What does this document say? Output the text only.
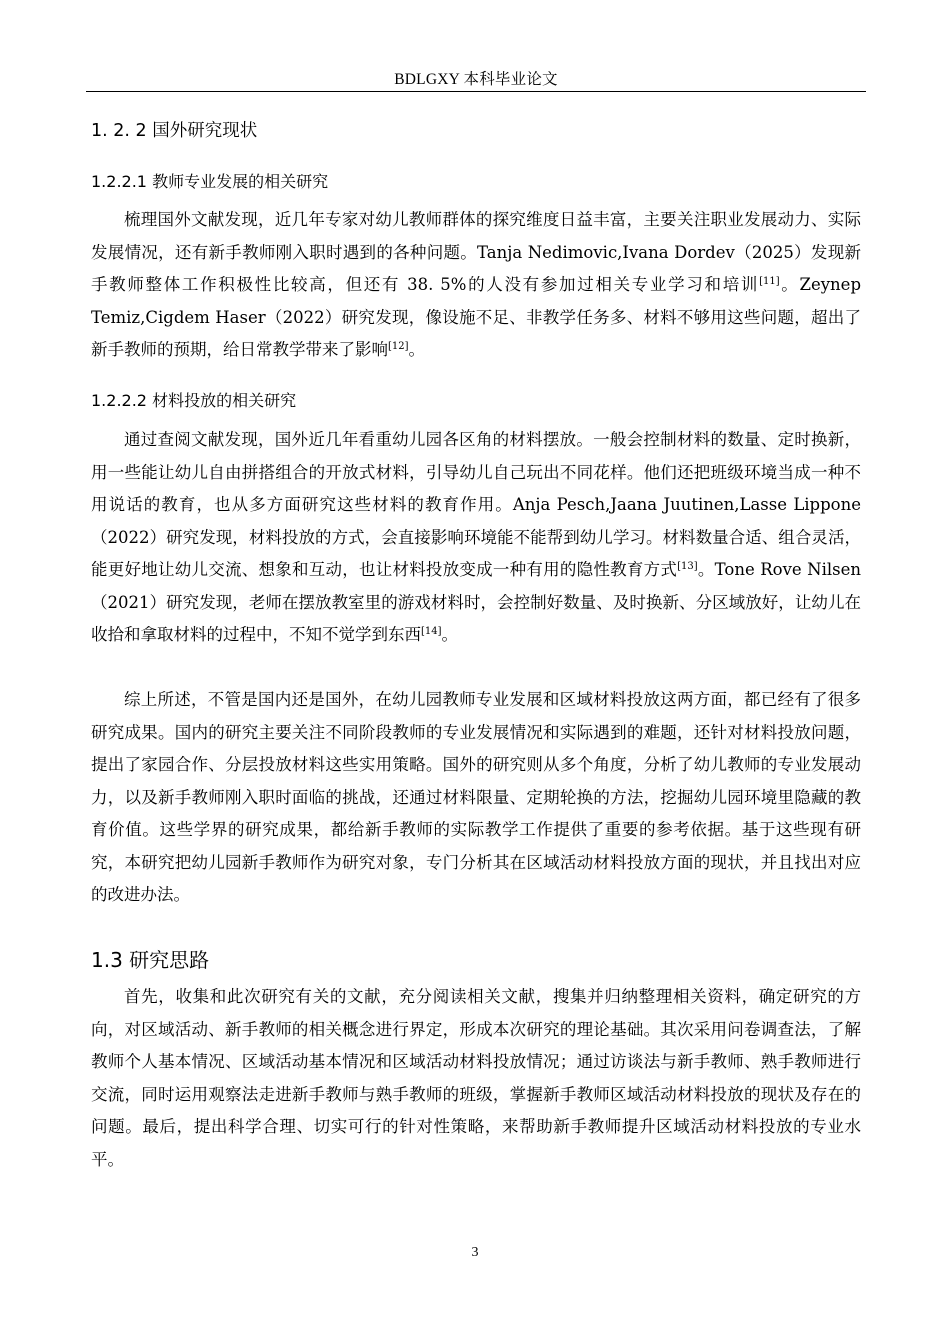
BDLGXY 本科毕业论文
1. 2. 2 国外研究现状
1.2.2.1 教师专业发展的相关研究

梳理国外文献发现，近几年专家对幼儿教师群体的探究维度日益丰富，主要关注职业发展动力、实际发展情况，还有新手教师刚入职时遇到的各种问题。Tanja Nedimovic,Ivana Dordev（2025）发现新手教师整体工作积极性比较高，但还有 38. 5%的人没有参加过相关专业学习和培训[11]。Zeynep Temiz,Cigdem Haser（2022）研究发现，像设施不足、非教学任务多、材料不够用这些问题，超出了新手教师的预期，给日常教学带来了影响[12]。

1.2.2.2 材料投放的相关研究

通过查阅文献发现，国外近几年看重幼儿园各区角的材料摆放。一般会控制材料的数量、定时换新，用一些能让幼儿自由拼搭组合的开放式材料，引导幼儿自己玩出不同花样。他们还把班级环境当成一种不用说话的教育，也从多方面研究这些材料的教育作用。Anja Pesch,Jaana Juutinen,Lasse Lippone（2022）研究发现，材料投放的方式，会直接影响环境能不能帮到幼儿学习。材料数量合适、组合灵活，能更好地让幼儿交流、想象和互动，也让材料投放变成一种有用的隐性教育方式[13]。Tone Rove Nilsen（2021）研究发现，老师在摆放教室里的游戏材料时，会控制好数量、及时换新、分区域放好，让幼儿在收拾和拿取材料的过程中，不知不觉学到东西[14]。

综上所述，不管是国内还是国外，在幼儿园教师专业发展和区域材料投放这两方面，都已经有了很多研究成果。国内的研究主要关注不同阶段教师的专业发展情况和实际遇到的难题，还针对材料投放问题，提出了家园合作、分层投放材料这些实用策略。国外的研究则从多个角度，分析了幼儿教师的专业发展动力，以及新手教师刚入职时面临的挑战，还通过材料限量、定期轮换的方法，挖掘幼儿园环境里隐藏的教育价值。这些学界的研究成果，都给新手教师的实际教学工作提供了重要的参考依据。基于这些现有研究，本研究把幼儿园新手教师作为研究对象，专门分析其在区域活动材料投放方面的现状，并且找出对应的改进办法。

1.3 研究思路

首先，收集和此次研究有关的文献，充分阅读相关文献，搜集并归纳整理相关资料，确定研究的方向，对区域活动、新手教师的相关概念进行界定，形成本次研究的理论基础。其次采用问卷调查法，了解教师个人基本情况、区域活动基本情况和区域活动材料投放情况；通过访谈法与新手教师、熟手教师进行交流，同时运用观察法走进新手教师与熟手教师的班级，掌握新手教师区域活动材料投放的现状及存在的问题。最后，提出科学合理、切实可行的针对性策略，来帮助新手教师提升区域活动材料投放的专业水平。

3
